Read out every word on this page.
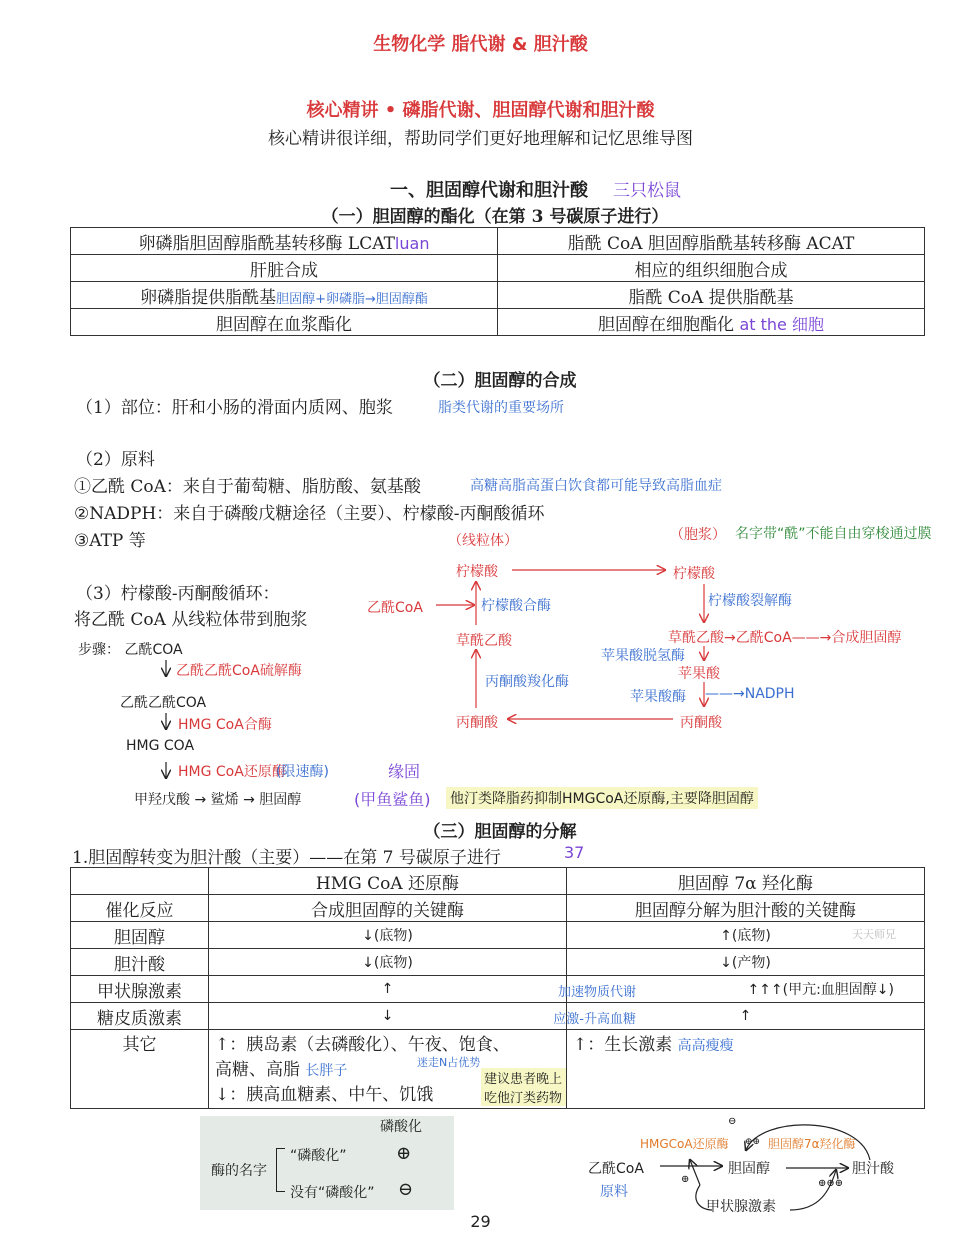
生物化学 脂代谢 & 胆汁酸
核心精讲 • 磷脂代谢、胆固醇代谢和胆汁酸
核心精讲很详细，帮助同学们更好地理解和记忆思维导图
一、胆固醇代谢和胆汁酸 三只松鼠
（一）胆固醇的酯化（在第 3 号碳原子进行）
卵磷脂胆固醇脂酰基转移酶 LCATluan	脂酰 CoA 胆固醇脂酰基转移酶 ACAT
肝脏合成	相应的组织细胞合成
卵磷脂提供脂酰基胆固醇+卵磷脂→胆固醇酯	脂酰 CoA 提供脂酰基
胆固醇在血浆酯化	胆固醇在细胞酯化 at the 细胞
（二）胆固醇的合成
（1）部位：肝和小肠的滑面内质网、胞浆	脂类代谢的重要场所
（2）原料
①乙酰 CoA：来自于葡萄糖、脂肪酸、氨基酸	高糖高脂高蛋白饮食都可能导致高脂血症
②NADPH：来自于磷酸戊糖途径（主要）、柠檬酸-丙酮酸循环
③ATP 等
（3）柠檬酸-丙酮酸循环：
将乙酰 CoA 从线粒体带到胞浆
（线粒体）	（胞浆） 名字带“酰”不能自由穿梭通过膜
柠檬酸	柠檬酸
乙酰CoA	柠檬酸合酶	柠檬酸裂解酶
草酰乙酸	草酰乙酸→乙酰CoA——→合成胆固醇
苹果酸脱氢酶
苹果酸
苹果酸酶 ——→NADPH
丙酮酸羧化酶
丙酮酸	丙酮酸
步骤： 乙酰COA
乙酰乙酰CoA硫解酶
乙酰乙酰COA
HMG CoA合酶
HMG COA
HMG CoA还原酶
(限速酶)	缘固
甲羟戊酸 → 鲨烯 → 胆固醇	(甲鱼鲨鱼) 他汀类降脂药抑制HMGCoA还原酶,主要降胆固醇
（三）胆固醇的分解
1.胆固醇转变为胆汁酸（主要）——在第 7 号碳原子进行	37
	HMG CoA 还原酶	胆固醇 7α 羟化酶
催化反应	合成胆固醇的关键酶	胆固醇分解为胆汁酸的关键酶
胆固醇	↓(底物)	↑(底物) 天天师兄

胆汁酸	↓(底物)	↓(产物)
甲状腺激素	↑ 加速物质代谢	↑↑↑(甲亢:血胆固醇↓)
糖皮质激素	↓ 应激-升高血糖	↑
其它	↑：胰岛素（去磷酸化）、午夜、饱食、
高糖、高脂 长胖子
↓：胰高血糖素、中午、饥饿
迷走N占优势
建议患者晚上吃他汀类药物	↑：生长激素 高高瘦瘦
磷酸化
酶的名字
“磷酸化”	⊕
没有“磷酸化” ⊖
乙酰CoA
原料
HMGCoA还原酶	胆固醇7α羟化酶
胆固醇	胆汁酸
甲状腺激素
⊖
⊕⊕
⊕	⊕⊕⊕
29
